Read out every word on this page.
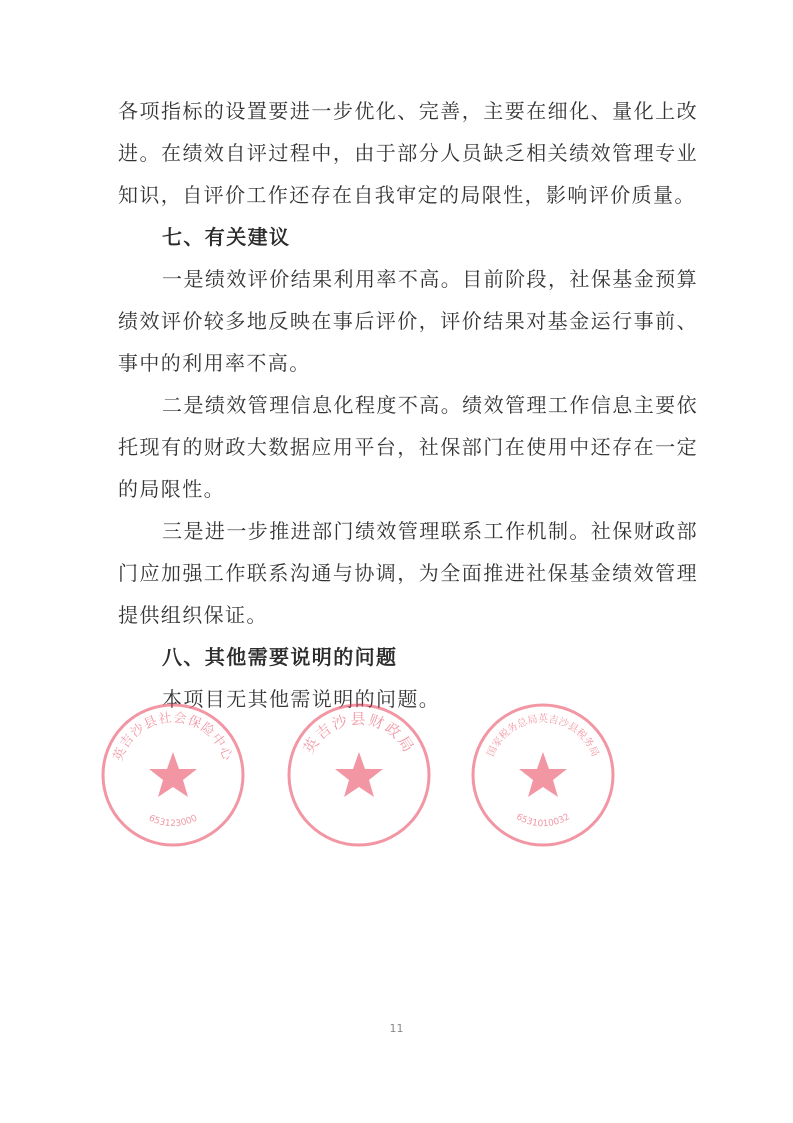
各项指标的设置要进一步优化、完善，主要在细化、量化上改进。在绩效自评过程中，由于部分人员缺乏相关绩效管理专业知识，自评价工作还存在自我审定的局限性，影响评价质量。

七、有关建议

一是绩效评价结果利用率不高。目前阶段，社保基金预算绩效评价较多地反映在事后评价，评价结果对基金运行事前、事中的利用率不高。

二是绩效管理信息化程度不高。绩效管理工作信息主要依托现有的财政大数据应用平台，社保部门在使用中还存在一定的局限性。

三是进一步推进部门绩效管理联系工作机制。社保财政部门应加强工作联系沟通与协调，为全面推进社保基金绩效管理提供组织保证。

八、其他需要说明的问题

本项目无其他需说明的问题。

英吉沙县社会保险中心
653123000
英吉沙县财政局	国家税务总局英吉沙县税务局
6531010032
11
